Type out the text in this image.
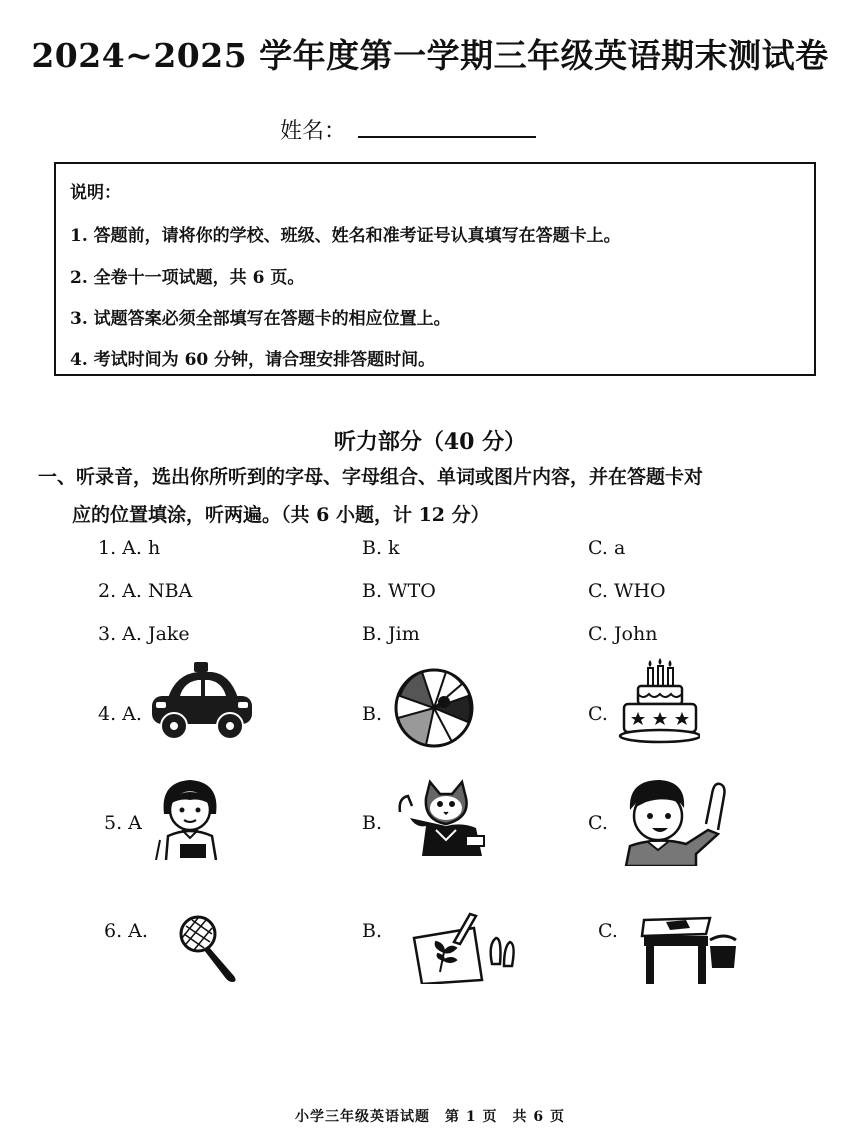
2024~2025 学年度第一学期三年级英语期末测试卷
姓名：
说明：
1. 答题前，请将你的学校、班级、姓名和准考证号认真填写在答题卡上。
2. 全卷十一项试题，共 6 页。
3. 试题答案必须全部填写在答题卡的相应位置上。
4. 考试时间为 60 分钟，请合理安排答题时间。
听力部分（40 分）
一、听录音，选出你所听到的字母、字母组合、单词或图片内容，并在答题卡对
应的位置填涂，听两遍。（共 6 小题，计 12 分）
1. A. h	B. k	C. a
2. A. NBA	B. WTO	C. WHO
3. A. Jake	B. Jim	C. John
4. A.	B.	C.
5. A	B.	C.
6. A.	B.	C.
小学三年级英语试题　第 1 页　共 6 页
